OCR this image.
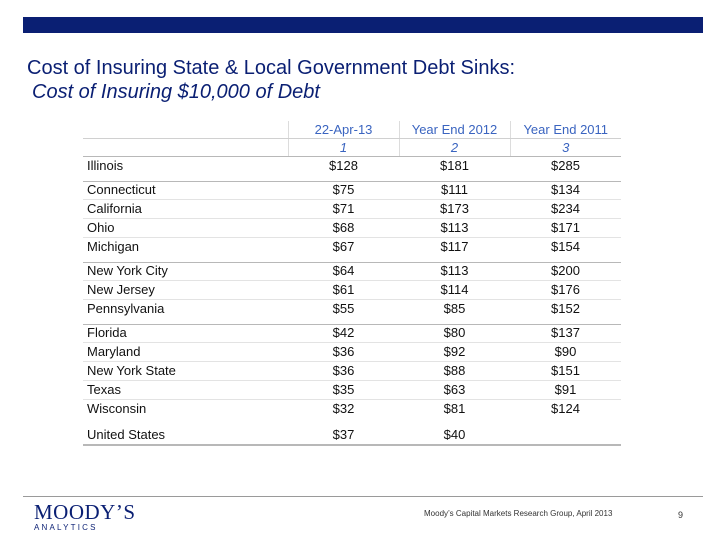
Cost of Insuring State & Local Government Debt Sinks:
Cost of Insuring $10,000 of Debt
	22-Apr-13	Year End 2012	Year End 2011
	1	2	3
Illinois	$128	$181	$285
Connecticut	$75	$111	$134
California	$71	$173	$234
Ohio	$68	$113	$171
Michigan	$67	$117	$154
New York City	$64	$113	$200
New Jersey	$61	$114	$176
Pennsylvania	$55	$85	$152
Florida	$42	$80	$137
Maryland	$36	$92	$90
New York State	$36	$88	$151
Texas	$35	$63	$91
Wisconsin	$32	$81	$124
United States	$37	$40	
MOODY’S
ANALYTICS
Moody’s Capital Markets Research Group, April 2013	9
